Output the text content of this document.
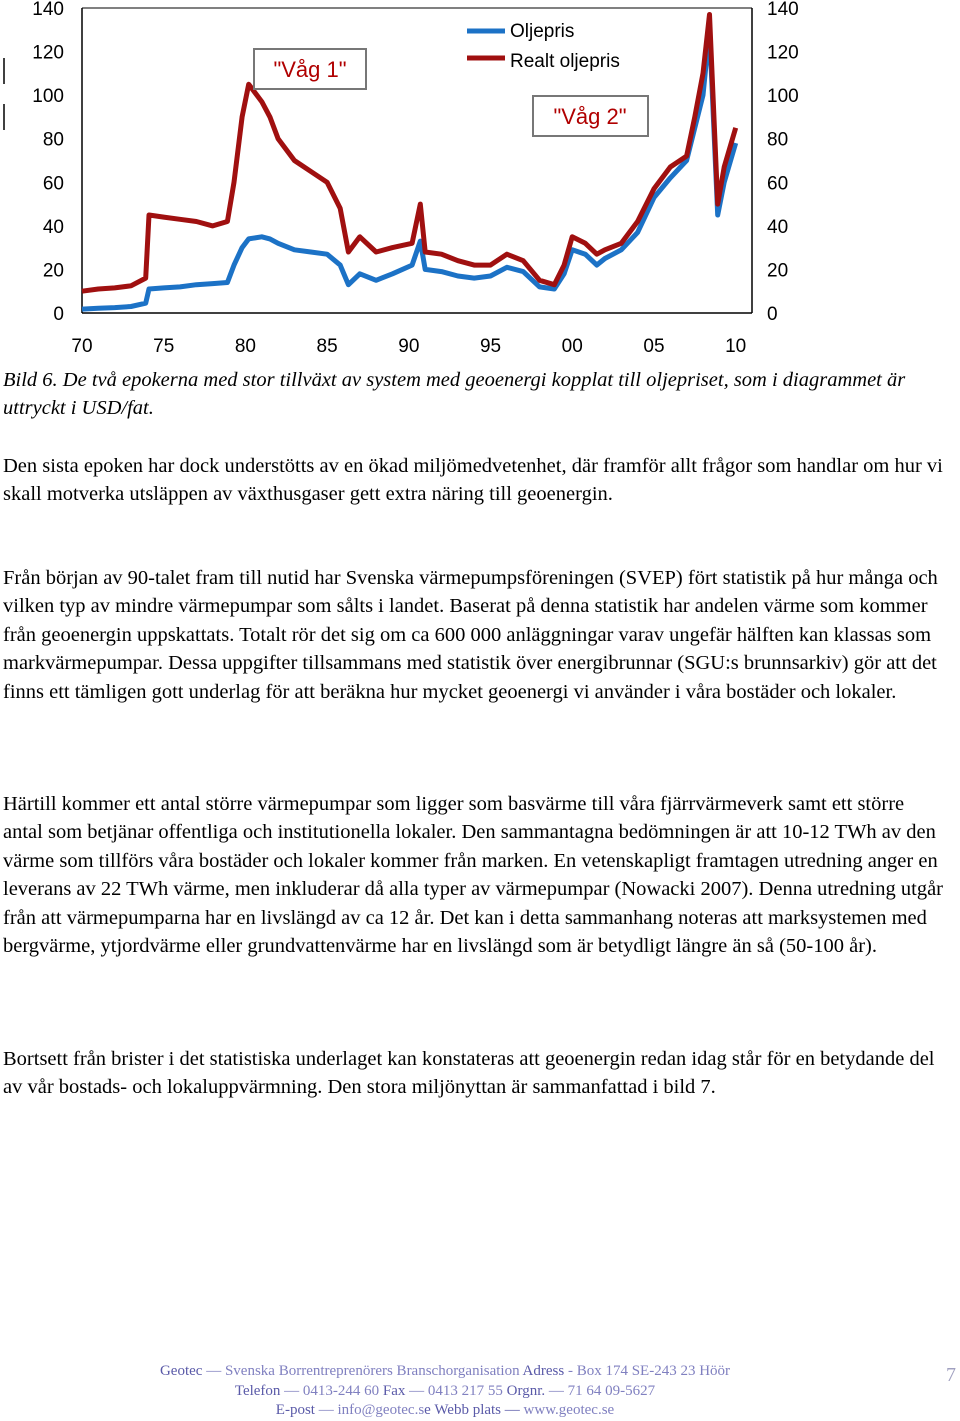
0	0
20	20
40	40
60	60
80	80
100	100
120	120
140	140
70	75	80	85	90	95	00	05	10
"Våg 1"
"Våg 2"
Oljepris
Realt oljepris

Bild 6. De två epokerna med stor tillväxt av system med geoenergi kopplat till oljepriset, som i diagrammet är uttryckt i USD/fat.

Den sista epoken har dock understötts av en ökad miljömedvetenhet, där framför allt frågor som handlar om hur vi skall motverka utsläppen av växthusgaser gett extra näring till geoenergin.

Från början av 90-talet fram till nutid har Svenska värmepumpsföreningen (SVEP) fört statistik på hur många och vilken typ av mindre värmepumpar som sålts i landet. Baserat på denna statistik har andelen värme som kommer från geoenergin uppskattats. Totalt rör det sig om ca 600 000 anläggningar varav ungefär hälften kan klassas som markvärmepumpar. Dessa uppgifter tillsammans med statistik över energibrunnar (SGU:s brunnsarkiv) gör att det finns ett tämligen gott underlag för att beräkna hur mycket geoenergi vi använder i våra bostäder och lokaler.

Härtill kommer ett antal större värmepumpar som ligger som basvärme till våra fjärrvärmeverk samt ett större antal som betjänar offentliga och institutionella lokaler. Den sammantagna bedömningen är att 10-12 TWh av den värme som tillförs våra bostäder och lokaler kommer från marken. En vetenskapligt framtagen utredning anger en leverans av 22 TWh värme, men inkluderar då alla typer av värmepumpar (Nowacki 2007). Denna utredning utgår från att värmepumparna har en livslängd av ca 12 år. Det kan i detta sammanhang noteras att marksystemen med bergvärme, ytjordvärme eller grundvattenvärme har en livslängd som är betydligt längre än så (50-100 år).

Bortsett från brister i det statistiska underlaget kan konstateras att geoenergin redan idag står för en betydande del av vår bostads- och lokaluppvärmning. Den stora miljönyttan är sammanfattad i bild 7.

Geotec — Svenska Borrentreprenörers Branschorganisation Adress - Box 174 SE-243 23 Höör
Telefon — 0413-244 60 Fax — 0413 217 55 Orgnr. — 71 64 09-5627
E-post — info@geotec.se Webb plats — www.geotec.se
7
